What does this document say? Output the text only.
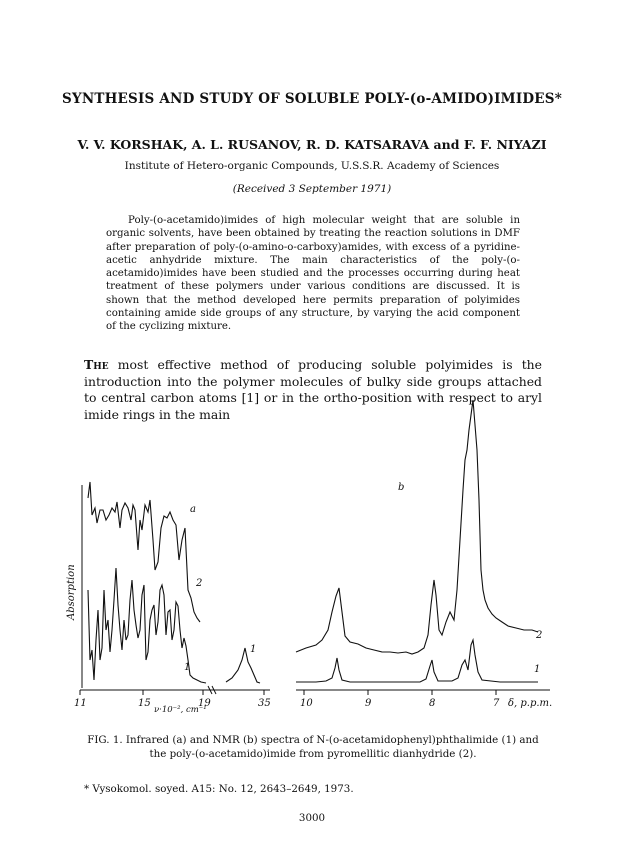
SYNTHESIS AND STUDY OF SOLUBLE POLY-(o-AMIDO)IMIDES*
V. V. KORSHAK, A. L. RUSANOV, R. D. KATSARAVA and F. F. NIYAZI
Institute of Hetero-organic Compounds, U.S.S.R. Academy of Sciences
(Received 3 September 1971)

Poly-(o-acetamido)imides of high molecular weight that are soluble in organic solvents, have been obtained by treating the reaction solutions in DMF after preparation of poly-(o-amino-o-carboxy)amides, with excess of a pyridine-acetic anhydride mixture. The main characteristics of the poly-(o-acetamido)imides have been studied and the processes occurring during heat treatment of these polymers under various conditions are discussed. It is shown that the method developed here permits preparation of polyimides containing amide side groups of any structure, by varying the acid component of the cyclizing mixture.

The most effective method of producing soluble polyimides is the introduction into the polymer molecules of bulky side groups attached to central carbon atoms [1] or in the ortho-position with respect to aryl imide rings in the main

a
2
1
1
Absorption
11	15	19	35
ν·10⁻², cm⁻¹
b
2
1
10	9	8	7 δ, p.p.m.

FIG. 1. Infrared (a) and NMR (b) spectra of N-(o-acetamidophenyl)phthalimide (1) and the poly-(o-acetamido)imide from pyromellitic dianhydride (2).

* Vysokomol. soyed. A15: No. 12, 2643–2649, 1973.
3000
